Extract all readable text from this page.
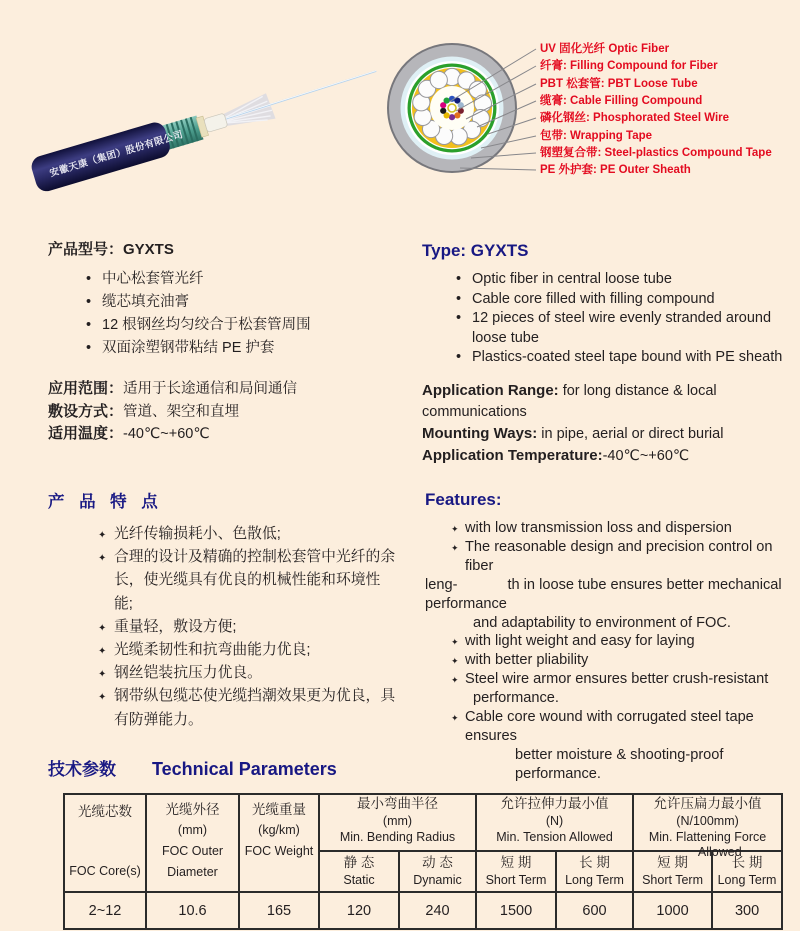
安徽天康（集团）股份有限公司
UV 固化光纤 Optic Fiber
纤膏: Filling Compound for Fiber
PBT 松套管: PBT Loose Tube
缆膏: Cable Filling Compound
磷化钢丝: Phosphorated Steel Wire
包带: Wrapping Tape
钢塑复合带: Steel-plastics Compound Tape
PE 外护套: PE Outer Sheath
产品型号：GYXTS
• 中心松套管光纤
• 缆芯填充油膏
• 12 根钢丝均匀绞合于松套管周围
• 双面涂塑钢带粘结 PE 护套
Type: GYXTS
• Optic fiber in central loose tube
• Cable core filled with filling compound
• 12 pieces of steel wire evenly stranded around loose tube
• Plastics-coated steel tape bound with PE sheath
应用范围：适用于长途通信和局间通信
敷设方式：管道、架空和直埋
适用温度：-40℃~+60℃
Application Range: for long distance & local communications
Mounting Ways: in pipe, aerial or direct burial
Application Temperature:-40℃~+60℃
产 品 特 点
✦ 光纤传输损耗小、色散低;
✦ 合理的设计及精确的控制松套管中光纤的余长，使光缆具有优良的机械性能和环境性能;
✦ 重量轻，敷设方便;
✦ 光缆柔韧性和抗弯曲能力优良;
✦ 钢丝铠装抗压力优良。
✦ 钢带纵包缆芯使光缆挡潮效果更为优良，具有防弹能力。
Features:
✦ with low transmission loss and dispersion
✦ The reasonable design and precision control on fiber
leng-	th in loose tube ensures better mechanical
performance
and adaptability to environment of FOC.
✦ with light weight and easy for laying
✦ with better pliability
✦ Steel wire armor ensures better crush-resistant
performance.
✦ Cable core wound with corrugated steel tape ensures
better moisture & shooting-proof performance.
技术参数 Technical Parameters
光缆芯数
FOC Core(s)

光缆外径
(mm)
FOC Outer Diameter

光缆重量
(kg/km)
FOC Weight

最小弯曲半径
(mm)
Min. Bending Radius

允许拉伸力最小值
(N)
Min. Tension Allowed

允许压扁力最小值
(N/100mm)
Min. Flattening Force
Allowed

静 态
Static

动 态
Dynamic

短 期
Short Term

长 期
Long Term

短 期
Short Term

长 期
Long Term

2~12	10.6	165	120	240	1500	600	1000	300
